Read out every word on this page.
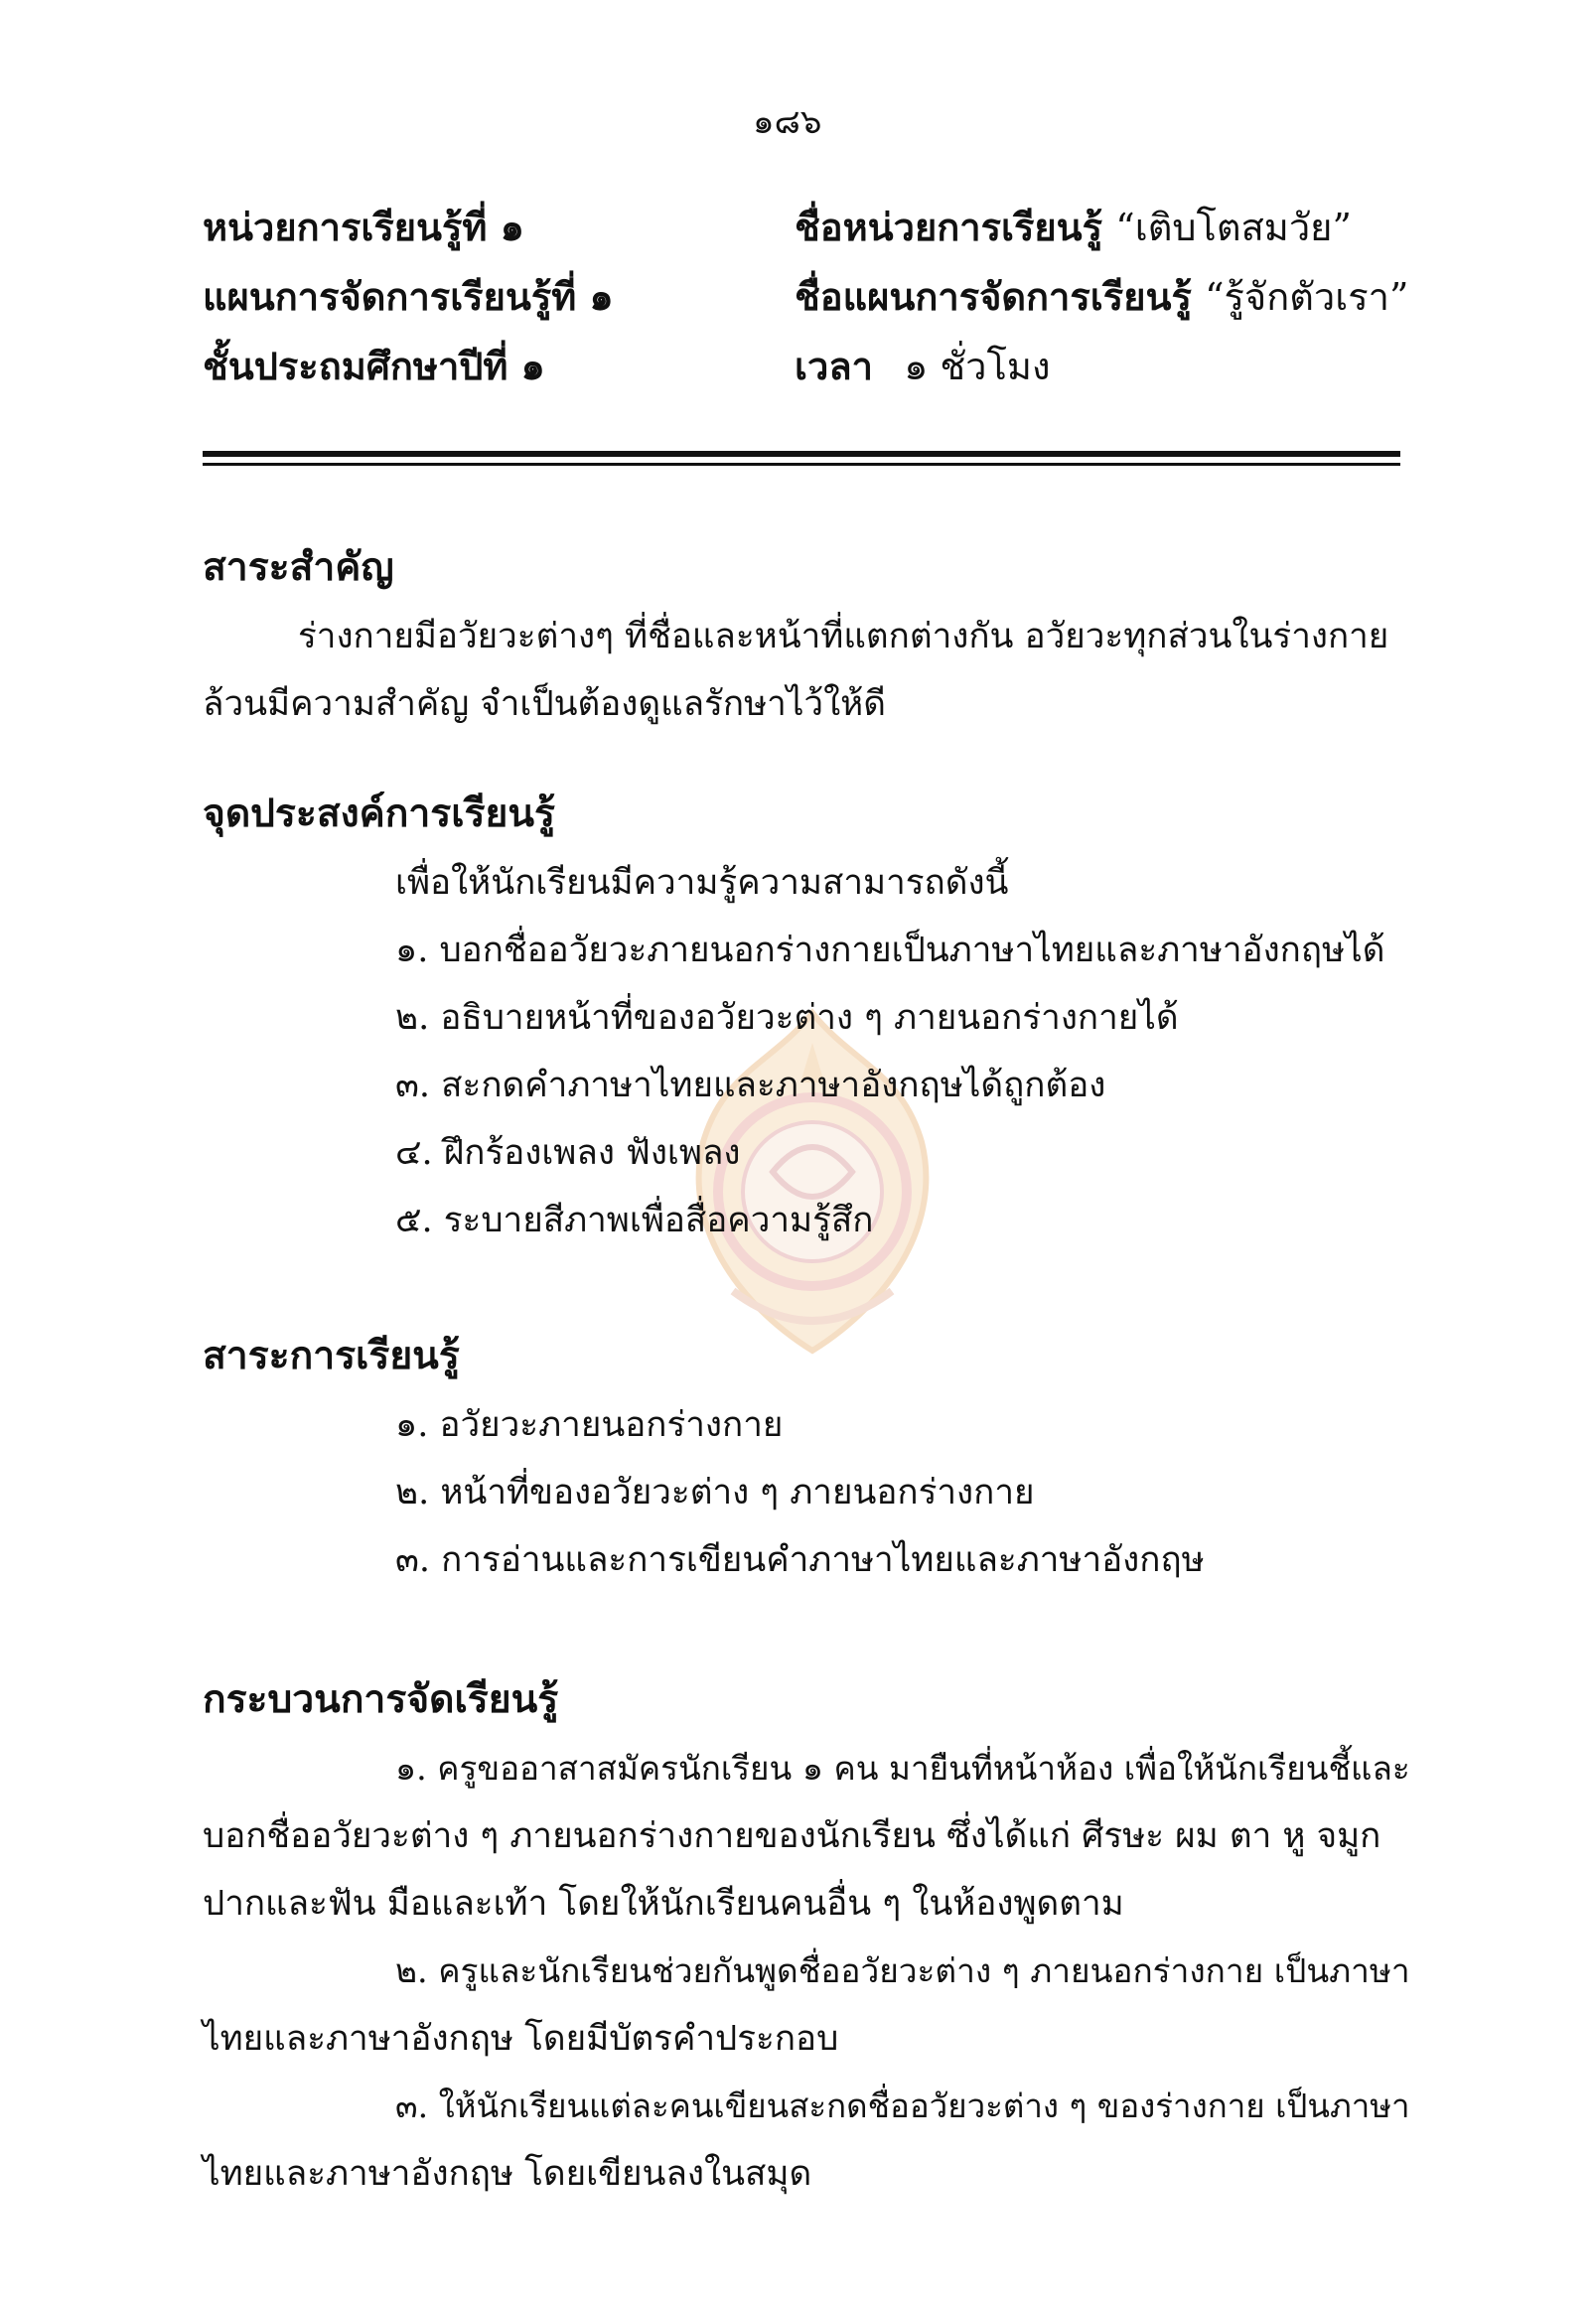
๑๘๖
หน่วยการเรียนรู้ที่ ๑	ชื่อหน่วยการเรียนรู้ “เติบโตสมวัย”
แผนการจัดการเรียนรู้ที่ ๑	ชื่อแผนการจัดการเรียนรู้ “รู้จักตัวเรา”
ชั้นประถมศึกษาปีที่ ๑	เวลา ๑ ชั่วโมง
สาระสำคัญ
ร่างกายมีอวัยวะต่างๆ ที่ชื่อและหน้าที่แตกต่างกัน อวัยวะทุกส่วนในร่างกาย
ล้วนมีความสำคัญ จำเป็นต้องดูแลรักษาไว้ให้ดี
จุดประสงค์การเรียนรู้
เพื่อให้นักเรียนมีความรู้ความสามารถดังนี้
๑. บอกชื่ออวัยวะภายนอกร่างกายเป็นภาษาไทยและภาษาอังกฤษได้
๒. อธิบายหน้าที่ของอวัยวะต่าง ๆ ภายนอกร่างกายได้
๓. สะกดคำภาษาไทยและภาษาอังกฤษได้ถูกต้อง
๔. ฝึกร้องเพลง ฟังเพลง
๕. ระบายสีภาพเพื่อสื่อความรู้สึก
สาระการเรียนรู้
๑. อวัยวะภายนอกร่างกาย
๒. หน้าที่ของอวัยวะต่าง ๆ ภายนอกร่างกาย
๓. การอ่านและการเขียนคำภาษาไทยและภาษาอังกฤษ
กระบวนการจัดเรียนรู้
๑. ครูขออาสาสมัครนักเรียน ๑ คน มายืนที่หน้าห้อง เพื่อให้นักเรียนชี้และ
บอกชื่ออวัยวะต่าง ๆ ภายนอกร่างกายของนักเรียน ซึ่งได้แก่ ศีรษะ ผม ตา หู จมูก
ปากและฟัน มือและเท้า โดยให้นักเรียนคนอื่น ๆ ในห้องพูดตาม
๒. ครูและนักเรียนช่วยกันพูดชื่ออวัยวะต่าง ๆ ภายนอกร่างกาย เป็นภาษา
ไทยและภาษาอังกฤษ โดยมีบัตรคำประกอบ
๓. ให้นักเรียนแต่ละคนเขียนสะกดชื่ออวัยวะต่าง ๆ ของร่างกาย เป็นภาษา
ไทยและภาษาอังกฤษ โดยเขียนลงในสมุด
